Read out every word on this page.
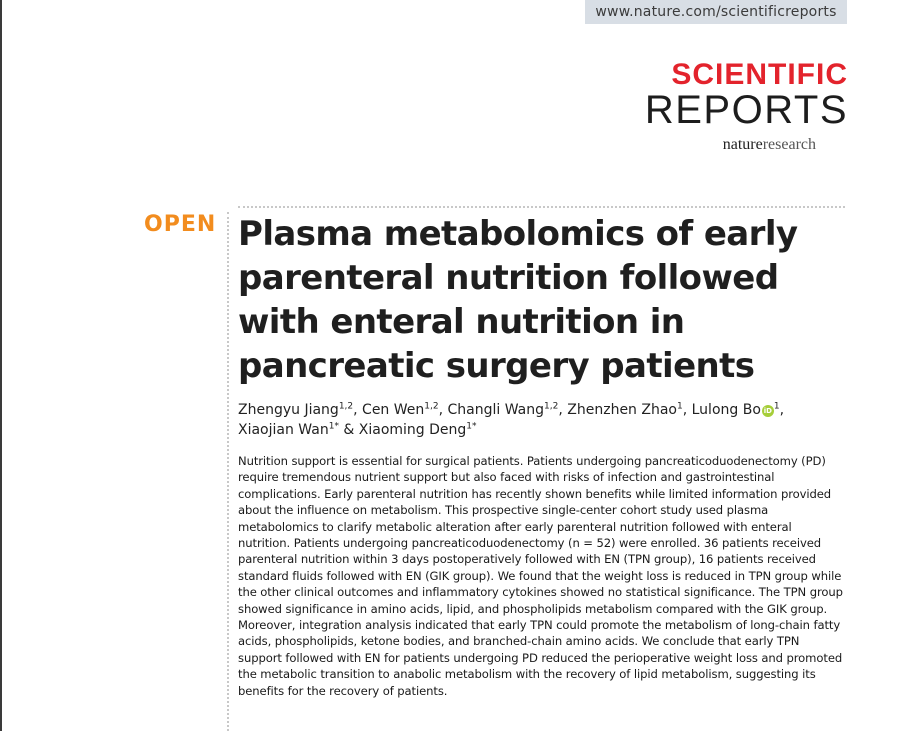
www.nature.com/scientificreports
SCIENTIFIC
REPORTS
natureresearch
OPEN Plasma metabolomics of early parenteral nutrition followed with enteral nutrition in pancreatic surgery patients
Zhengyu Jiang$^{1,2}$, Cen Wen$^{1,2}$, Changli Wang$^{1,2}$, Zhenzhen Zhao$^1$, Lulong Bo iD $^1$,
Xiaojian Wan$^{1*}$ & Xiaoming Deng$^{1*}$

Nutrition support is essential for surgical patients. Patients undergoing pancreaticoduodenectomy (PD) require tremendous nutrient support but also faced with risks of infection and gastrointestinal complications. Early parenteral nutrition has recently shown benefits while limited information provided about the influence on metabolism. This prospective single-center cohort study used plasma metabolomics to clarify metabolic alteration after early parenteral nutrition followed with enteral nutrition. Patients undergoing pancreaticoduodenectomy (n = 52) were enrolled. 36 patients received parenteral nutrition within 3 days postoperatively followed with EN (TPN group), 16 patients received standard fluids followed with EN (GIK group). We found that the weight loss is reduced in TPN group while the other clinical outcomes and inflammatory cytokines showed no statistical significance. The TPN group showed significance in amino acids, lipid, and phospholipids metabolism compared with the GIK group. Moreover, integration analysis indicated that early TPN could promote the metabolism of long-chain fatty acids, phospholipids, ketone bodies, and branched-chain amino acids. We conclude that early TPN support followed with EN for patients undergoing PD reduced the perioperative weight loss and promoted the metabolic transition to anabolic metabolism with the recovery of lipid metabolism, suggesting its benefits for the recovery of patients.
